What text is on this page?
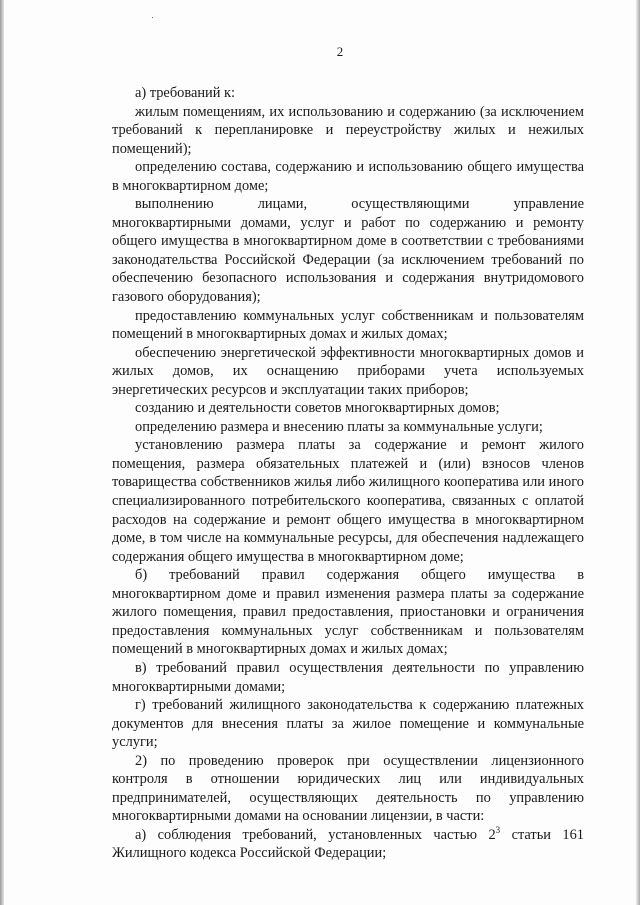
2

а) требований к:

жилым помещениям, их использованию и содержанию (за исключением требований к перепланировке и переустройству жилых и нежилых помещений);

определению состава, содержанию и использованию общего имущества в многоквартирном доме;

выполнению лицами, осуществляющими управление многоквартирными домами, услуг и работ по содержанию и ремонту общего имущества в многоквартирном доме в соответствии с требованиями законодательства Российской Федерации (за исключением требований по обеспечению безопасного использования и содержания внутридомового газового оборудования);

предоставлению коммунальных услуг собственникам и пользователям помещений в многоквартирных домах и жилых домах;

обеспечению энергетической эффективности многоквартирных домов и жилых домов, их оснащению приборами учета используемых энергетических ресурсов и эксплуатации таких приборов;

созданию и деятельности советов многоквартирных домов;

определению размера и внесению платы за коммунальные услуги;

установлению размера платы за содержание и ремонт жилого помещения, размера обязательных платежей и (или) взносов членов товарищества собственников жилья либо жилищного кооператива или иного специализированного потребительского кооператива, связанных с оплатой расходов на содержание и ремонт общего имущества в многоквартирном доме, в том числе на коммунальные ресурсы, для обеспечения надлежащего содержания общего имущества в многоквартирном доме;

б) требований правил содержания общего имущества в многоквартирном доме и правил изменения размера платы за содержание жилого помещения, правил предоставления, приостановки и ограничения предоставления коммунальных услуг собственникам и пользователям помещений в многоквартирных домах и жилых домах;

в) требований правил осуществления деятельности по управлению многоквартирными домами;

г) требований жилищного законодательства к содержанию платежных документов для внесения платы за жилое помещение и коммунальные услуги;

2) по проведению проверок при осуществлении лицензионного контроля в отношении юридических лиц или индивидуальных предпринимателей, осуществляющих деятельность по управлению многоквартирными домами на основании лицензии, в части:

а) соблюдения требований, установленных частью $2^3$ статьи 161 Жилищного кодекса Российской Федерации;
